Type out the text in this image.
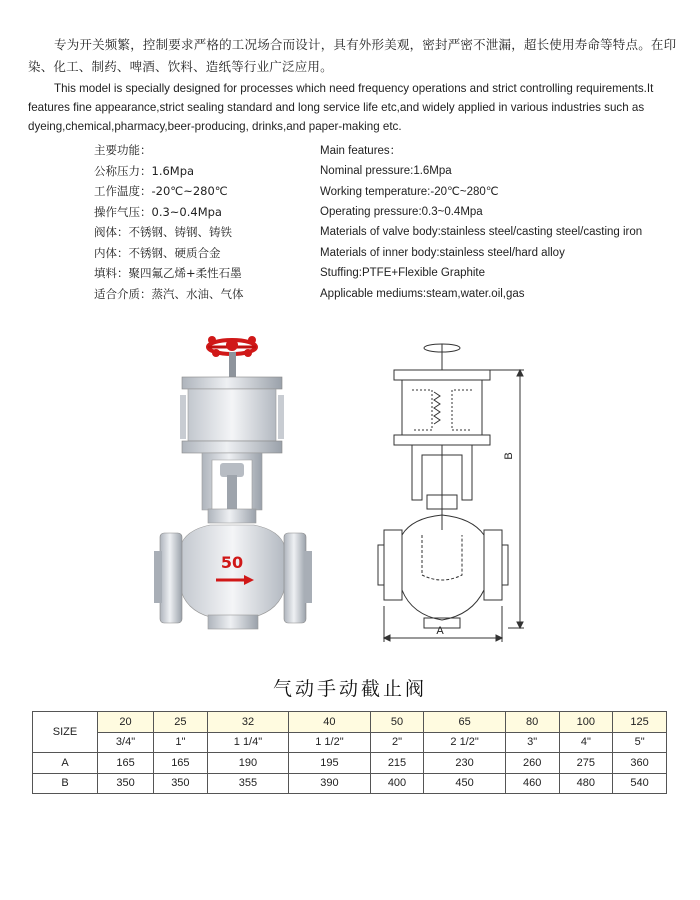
专为开关频繁，控制要求严格的工况场合而设计，具有外形美观，密封严密不泄漏，超长使用寿命等特点。在印染、化工、制药、啤酒、饮料、造纸等行业广泛应用。

This model is specially designed for processes which need frequency operations and strict controlling requirements.It features fine appearance,strict sealing standard and long service life etc,and widely applied in various industries such as dyeing,chemical,pharmacy,beer-producing, drinks,and paper-making etc.

主要功能：	Main features：
公称压力：1.6Mpa	Nominal pressure:1.6Mpa
工作温度：-20℃~280℃	Working temperature:-20℃~280℃
操作气压：0.3~0.4Mpa	Operating pressure:0.3~0.4Mpa
阀体：不锈钢、铸钢、铸铁	Materials of valve body:stainless steel/casting steel/casting iron
内体：不锈钢、硬质合金	Materials of inner body:stainless steel/hard alloy
填料：聚四氟乙烯+柔性石墨	Stuffing:PTFE+Flexible Graphite
适合介质：蒸汽、水油、气体	Applicable mediums:steam,water.oil,gas
50
A
B
气动手动截止阀
SIZE	20	25	32	40	50	65	80	100	125
	3/4"	1"	1 1/4"	1 1/2"	2"	2 1/2"	3"	4"	5"
A	165	165	190	195	215	230	260	275	360
B	350	350	355	390	400	450	460	480	540
